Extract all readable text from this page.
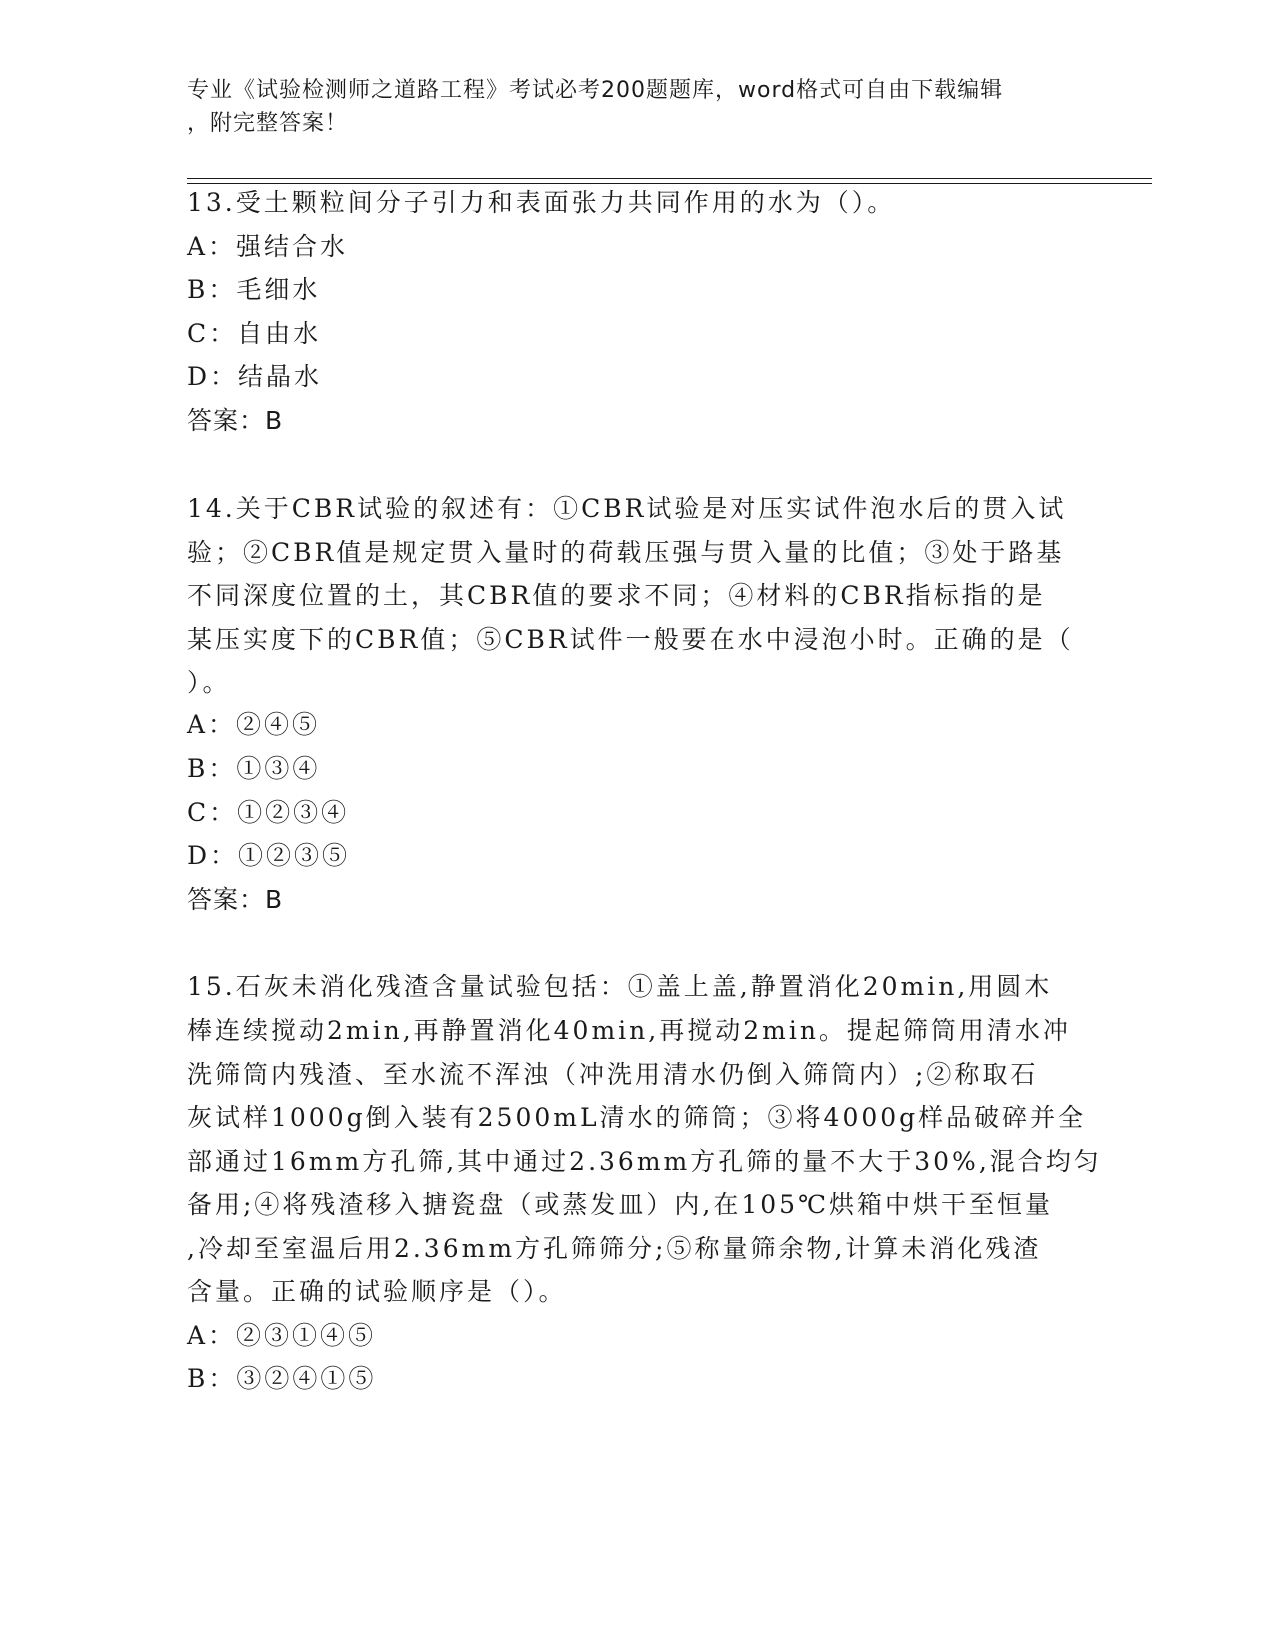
专业《试验检测师之道路工程》考试必考200题题库，word格式可自由下载编辑
，附完整答案！
13.受土颗粒间分子引力和表面张力共同作用的水为（）。
A：强结合水
B：毛细水
C：自由水
D：结晶水
答案：B
14.关于CBR试验的叙述有：①CBR试验是对压实试件泡水后的贯入试
验；②CBR值是规定贯入量时的荷载压强与贯入量的比值；③处于路基
不同深度位置的土，其CBR值的要求不同；④材料的CBR指标指的是
某压实度下的CBR值；⑤CBR试件一般要在水中浸泡小时。正确的是（
）。
A：②④⑤
B：①③④
C：①②③④
D：①②③⑤
答案：B
15.石灰未消化残渣含量试验包括：①盖上盖,静置消化20min,用圆木
棒连续搅动2min,再静置消化40min,再搅动2min。提起筛筒用清水冲
洗筛筒内残渣、至水流不浑浊（冲洗用清水仍倒入筛筒内）;②称取石
灰试样1000g倒入装有2500mL清水的筛筒；③将4000g样品破碎并全
部通过16mm方孔筛,其中通过2.36mm方孔筛的量不大于30%,混合均匀
备用;④将残渣移入搪瓷盘（或蒸发皿）内,在105℃烘箱中烘干至恒量
,冷却至室温后用2.36mm方孔筛筛分;⑤称量筛余物,计算未消化残渣
含量。正确的试验顺序是（）。
A：②③①④⑤
B：③②④①⑤
